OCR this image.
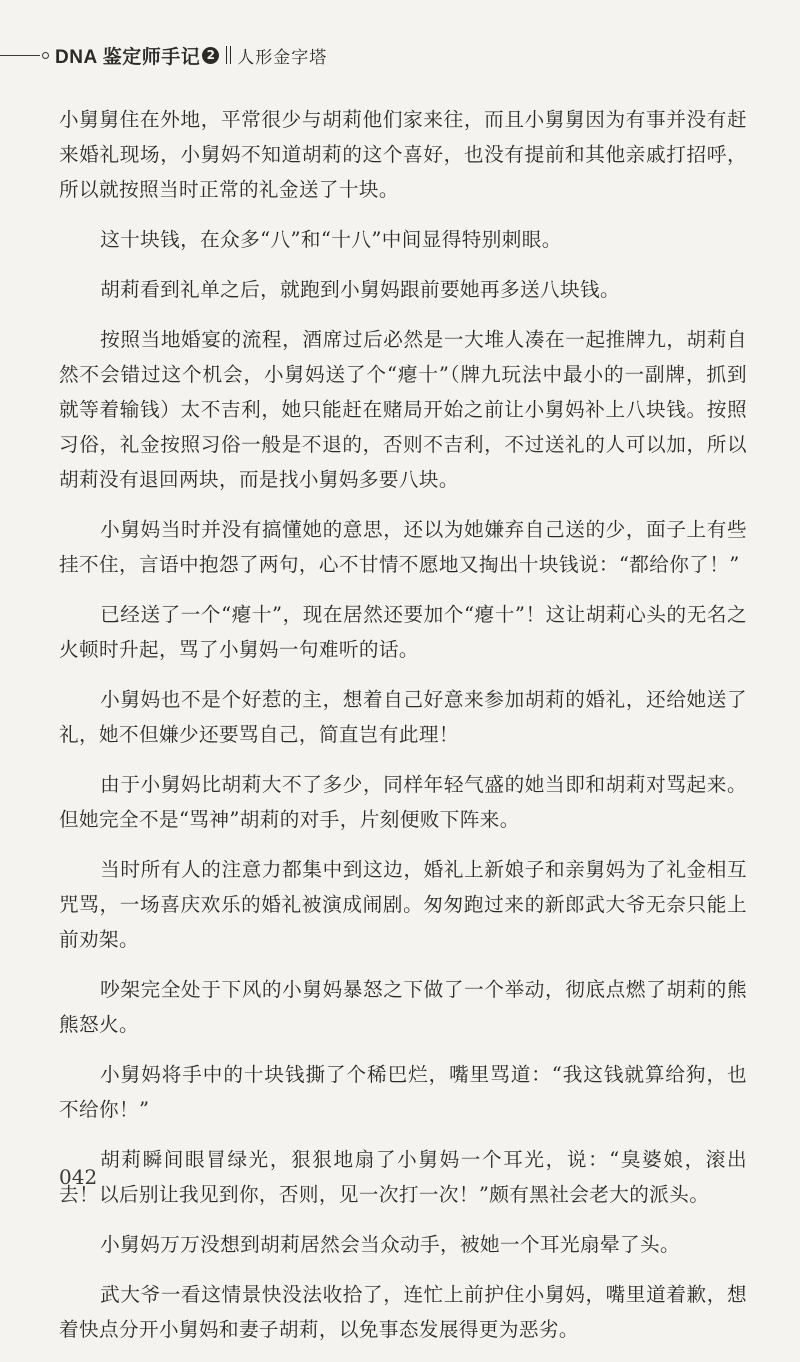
DNA 鉴定师手记 2 人形金字塔

小舅舅住在外地，平常很少与胡莉他们家来往，而且小舅舅因为有事并没有赶来婚礼现场，小舅妈不知道胡莉的这个喜好，也没有提前和其他亲戚打招呼，所以就按照当时正常的礼金送了十块。

这十块钱，在众多“八”和“十八”中间显得特别刺眼。

胡莉看到礼单之后，就跑到小舅妈跟前要她再多送八块钱。

按照当地婚宴的流程，酒席过后必然是一大堆人凑在一起推牌九，胡莉自然不会错过这个机会，小舅妈送了个“瘪十”（牌九玩法中最小的一副牌，抓到就等着输钱）太不吉利，她只能赶在赌局开始之前让小舅妈补上八块钱。按照习俗，礼金按照习俗一般是不退的，否则不吉利，不过送礼的人可以加，所以胡莉没有退回两块，而是找小舅妈多要八块。

小舅妈当时并没有搞懂她的意思，还以为她嫌弃自己送的少，面子上有些挂不住，言语中抱怨了两句，心不甘情不愿地又掏出十块钱说：“都给你了！”

已经送了一个“瘪十”，现在居然还要加个“瘪十”！这让胡莉心头的无名之火顿时升起，骂了小舅妈一句难听的话。

小舅妈也不是个好惹的主，想着自己好意来参加胡莉的婚礼，还给她送了礼，她不但嫌少还要骂自己，简直岂有此理！

由于小舅妈比胡莉大不了多少，同样年轻气盛的她当即和胡莉对骂起来。但她完全不是“骂神”胡莉的对手，片刻便败下阵来。

当时所有人的注意力都集中到这边，婚礼上新娘子和亲舅妈为了礼金相互咒骂，一场喜庆欢乐的婚礼被演成闹剧。匆匆跑过来的新郎武大爷无奈只能上前劝架。

吵架完全处于下风的小舅妈暴怒之下做了一个举动，彻底点燃了胡莉的熊熊怒火。

小舅妈将手中的十块钱撕了个稀巴烂，嘴里骂道：“我这钱就算给狗，也不给你！”

胡莉瞬间眼冒绿光，狠狠地扇了小舅妈一个耳光，说：“臭婆娘，滚出去！以后别让我见到你，否则，见一次打一次！”颇有黑社会老大的派头。

小舅妈万万没想到胡莉居然会当众动手，被她一个耳光扇晕了头。

武大爷一看这情景快没法收拾了，连忙上前护住小舅妈，嘴里道着歉，想着快点分开小舅妈和妻子胡莉，以免事态发展得更为恶劣。

042
